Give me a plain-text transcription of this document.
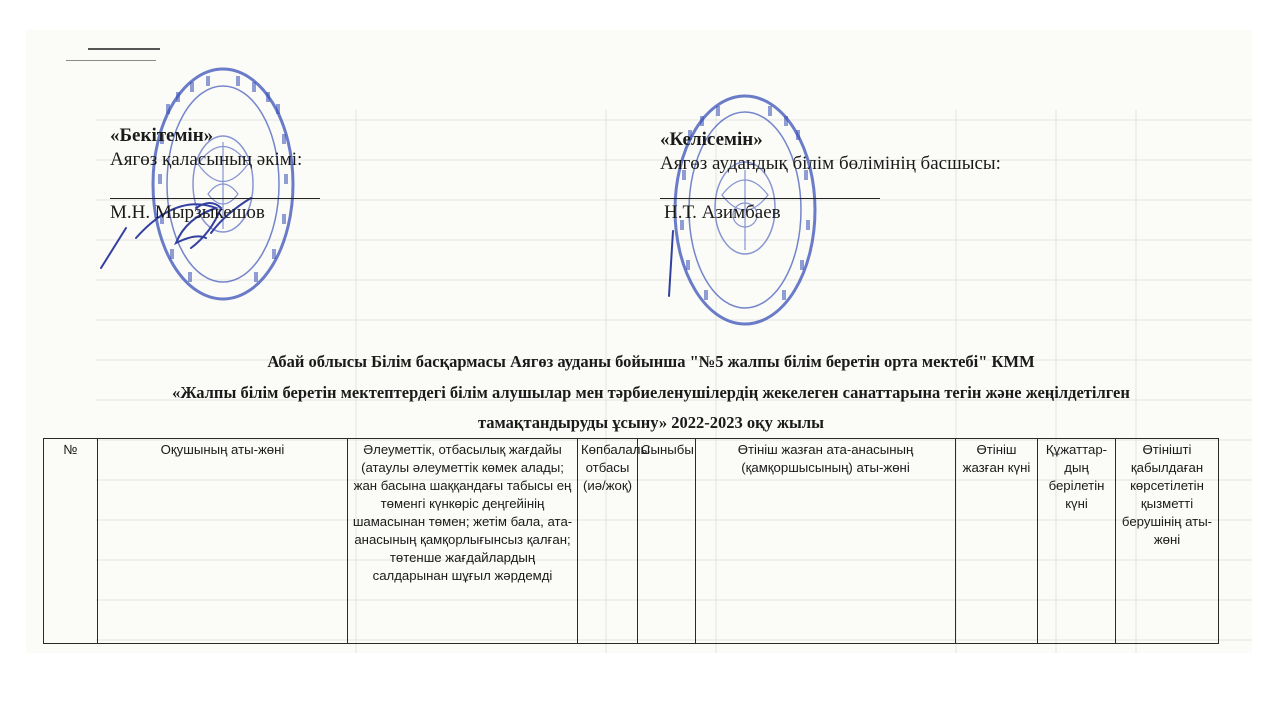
«Бекітемін»
Аягөз қаласының әкімі:
М.Н. Мырзыкешов
«Келісемін»
Аягөз аудандық білім бөлімінің басшысы:
Н.Т. Азимбаев
Абай облысы Білім басқармасы Аягөз ауданы бойынша "№5 жалпы білім беретін орта мектебі" КММ
«Жалпы білім беретін мектептердегі білім алушылар мен тәрбиеленушілердің жекелеген санаттарына тегін және жеңілдетілген
тамақтандыруды ұсыну» 2022-2023 оқу жылы
№	Оқушының аты-жөні	Әлеуметтік, отбасылық жағдайы (атаулы әлеуметтік көмек алады; жан басына шаққандағы табысы ең төменгі күнкөріс деңгейінің шамасынан төмен; жетім бала, ата-анасының қамқорлығынсыз қалған; төтенше жағдайлардың салдарынан шұғыл жәрдемді	Көпбалалы отбасы (иә/жоқ)	Сыныбы	Өтініш жазған ата-анасының (қамқоршысының) аты-жөні	Өтініш жазған күні	Құжаттар-дың берілетін күні	Өтінішті қабылдаған көрсетілетін қызметті берушінің аты-жөні
